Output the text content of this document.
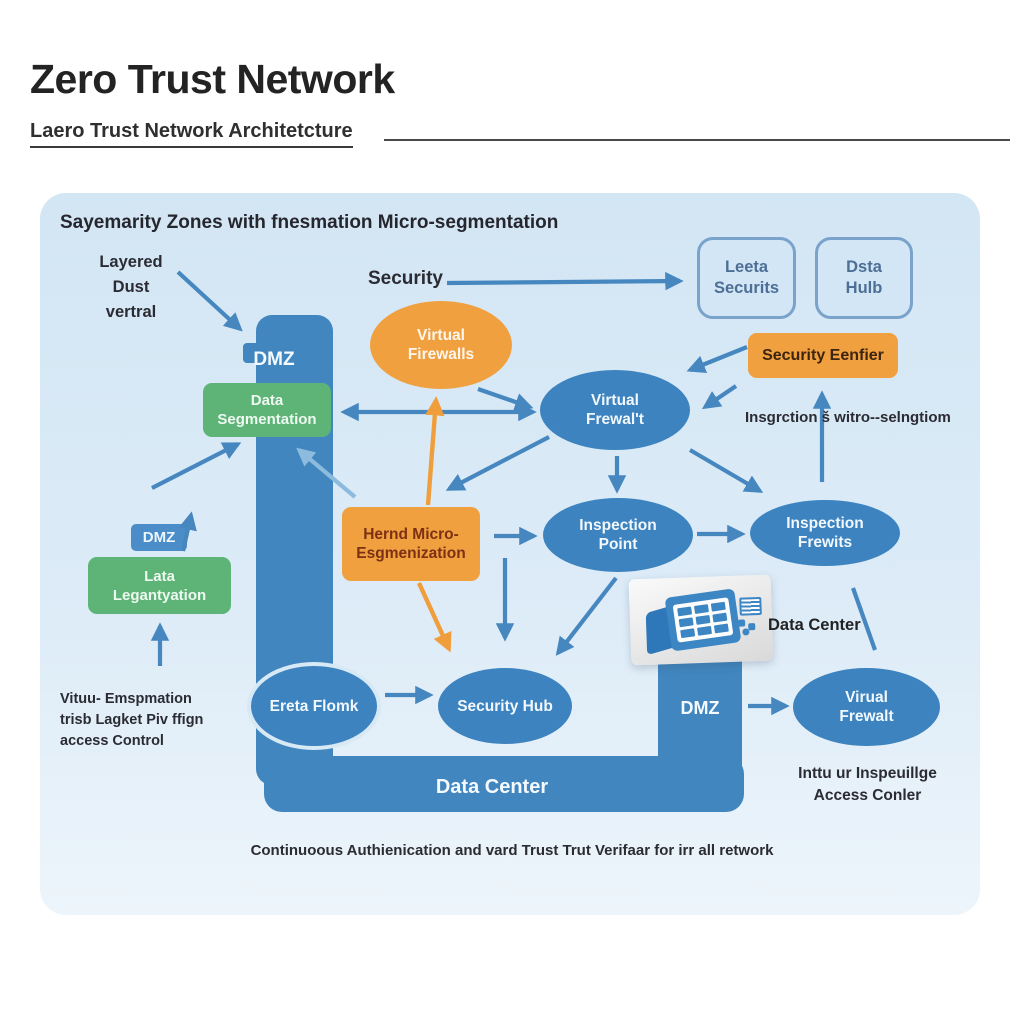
Zero Trust Network
Laero Trust Network Architetcture
Sayemarity Zones with fnesmation Micro-segmentation
Data Segmentation
Virtual Firewalls
Virtual Frewal't
Leeta Securits
Dsta Hulb
Security Eenfier
Hernd Micro-Esgmenization
Inspection Point
Inspection Frewits
DMZ
Lata Legantyation
Ereta Flomk	Security Hub	Virual Frewalt
Layered
Dust
vertral
Security
DMZ
Insgrction š witro--selngtiom
Vituu- Emspmation
trisb Lagket Piv ffign
access Control
Data Center
DMZ
Data Center
Inttu ur Inspeuillge
Access Conler
Continuoous Authienication and vard Trust Trut Verifaar for irr all retwork
